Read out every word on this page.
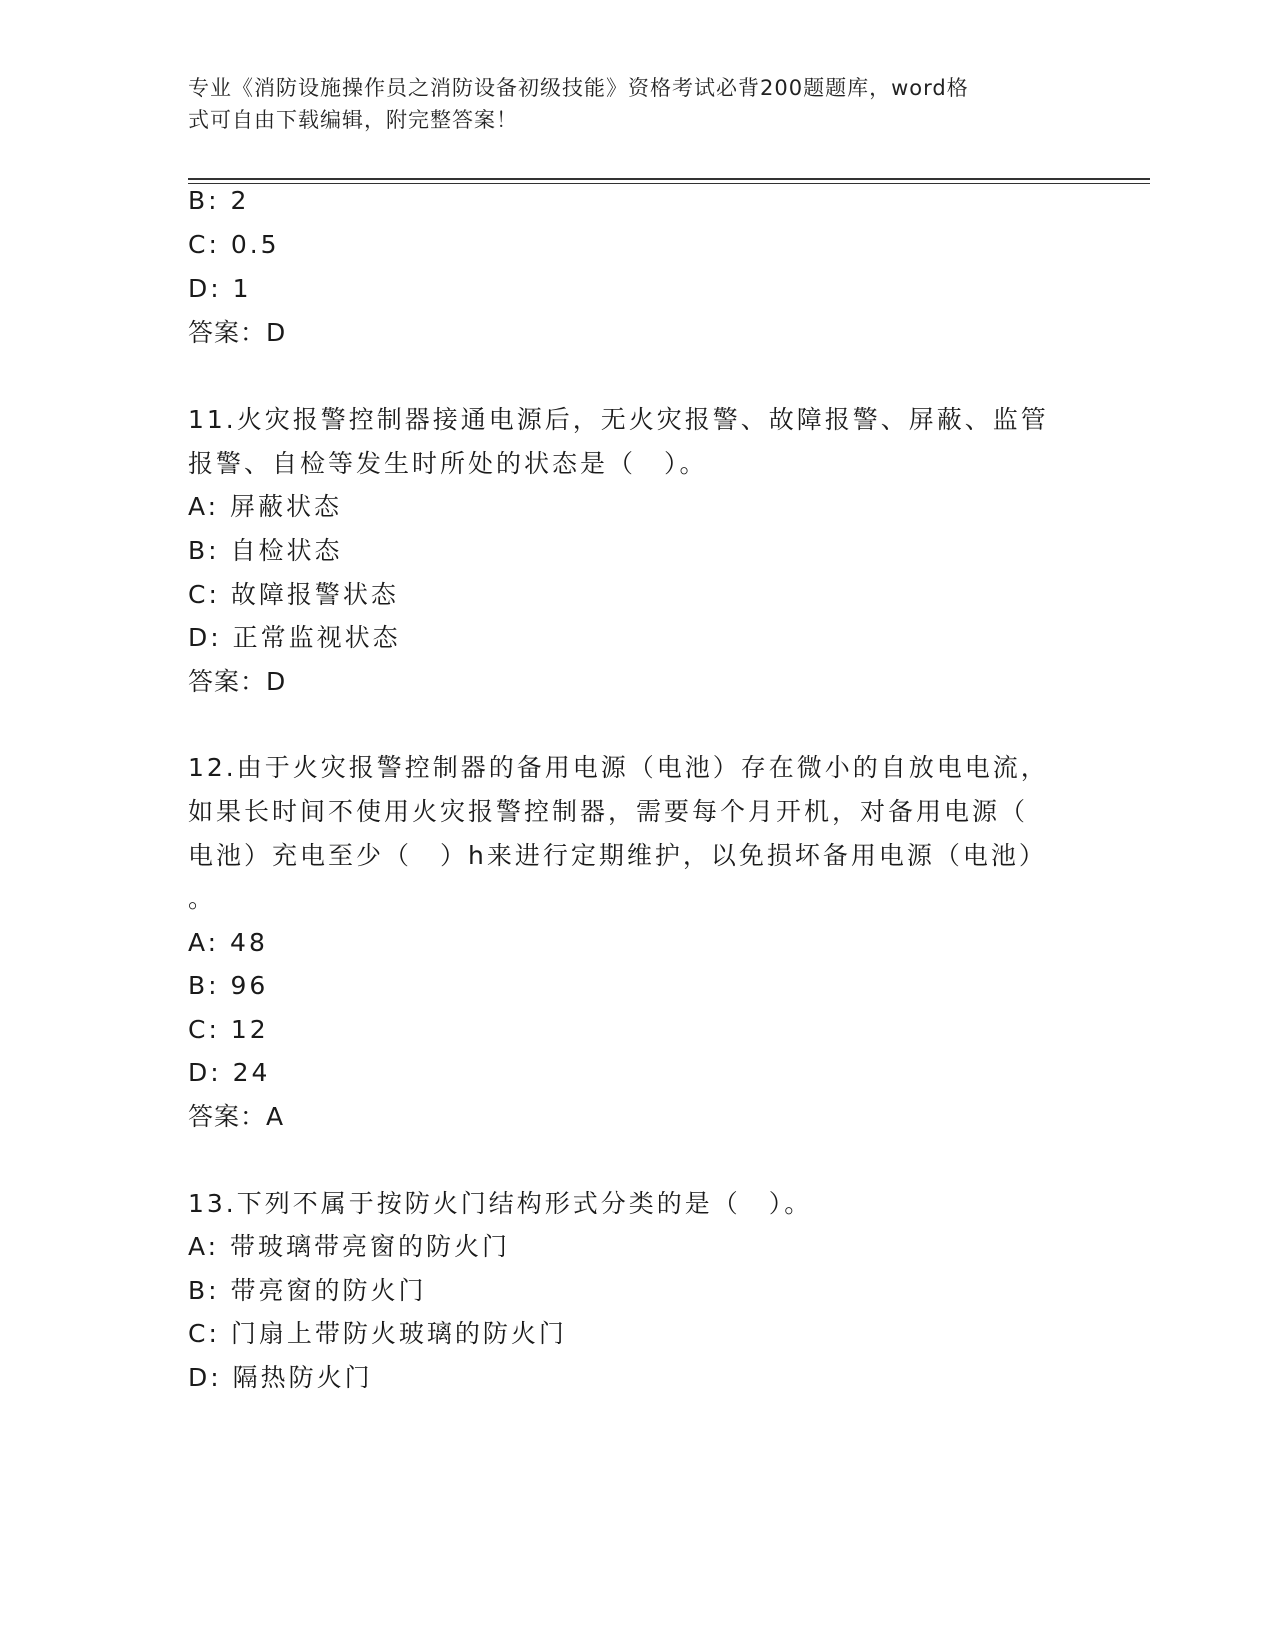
专业《消防设施操作员之消防设备初级技能》资格考试必背200题题库，word格
式可自由下载编辑，附完整答案！
B: 2
C: 0.5
D: 1
答案：D
11.火灾报警控制器接通电源后，无火灾报警、故障报警、屏蔽、监管
报警、自检等发生时所处的状态是（　）。
A: 屏蔽状态
B: 自检状态
C: 故障报警状态
D: 正常监视状态
答案：D
12.由于火灾报警控制器的备用电源（电池）存在微小的自放电电流，
如果长时间不使用火灾报警控制器，需要每个月开机，对备用电源（
电池）充电至少（　）h来进行定期维护，以免损坏备用电源（电池）
。
A: 48
B: 96
C: 12
D: 24
答案：A
13.下列不属于按防火门结构形式分类的是（　）。
A: 带玻璃带亮窗的防火门
B: 带亮窗的防火门
C: 门扇上带防火玻璃的防火门
D: 隔热防火门
